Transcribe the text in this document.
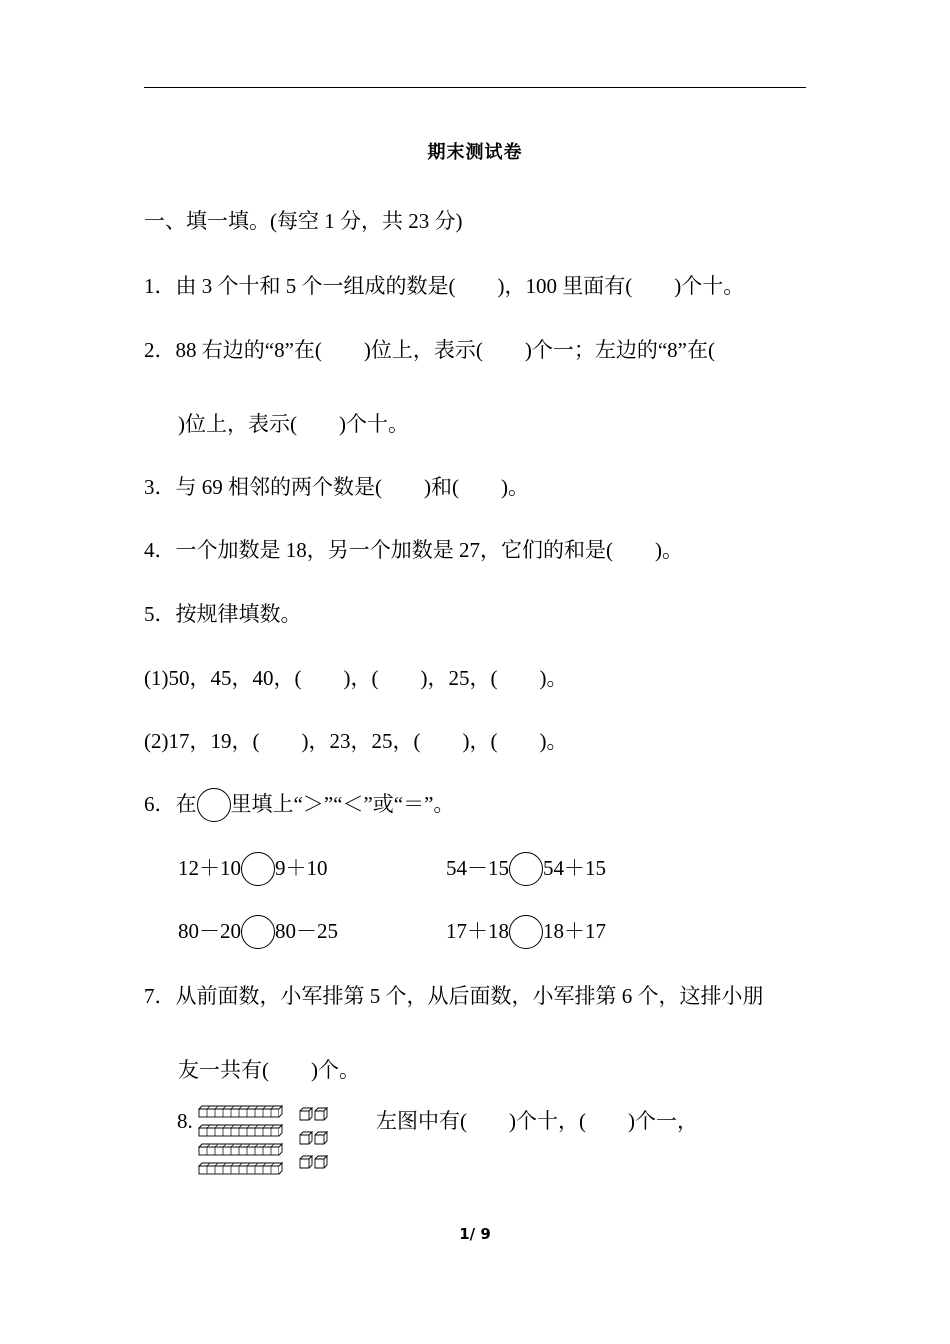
期末测试卷
一、填一填。(每空 1 分，共 23 分)
1．由 3 个十和 5 个一组成的数是(　　)，100 里面有(　　)个十。
2．88 右边的“8”在(　　)位上，表示(　　)个一；左边的“8”在(
)位上，表示(　　)个十。
3．与 69 相邻的两个数是(　　)和(　　)。
4．一个加数是 18，另一个加数是 27，它们的和是(　　)。
5．按规律填数。
(1)50，45，40，(　　)，(　　)，25，(　　)。
(2)17，19，(　　)，23，25，(　　)，(　　)。
6．在 里填上“＞”“＜”或“＝”。
12＋10 9＋10	54－15 54＋15
80－20 80－25	17＋18 18＋17
7．从前面数，小军排第 5 个，从后面数，小军排第 6 个，这排小朋
友一共有(　　)个。
8.	左图中有(　　)个十，(　　)个一，
1/ 9
